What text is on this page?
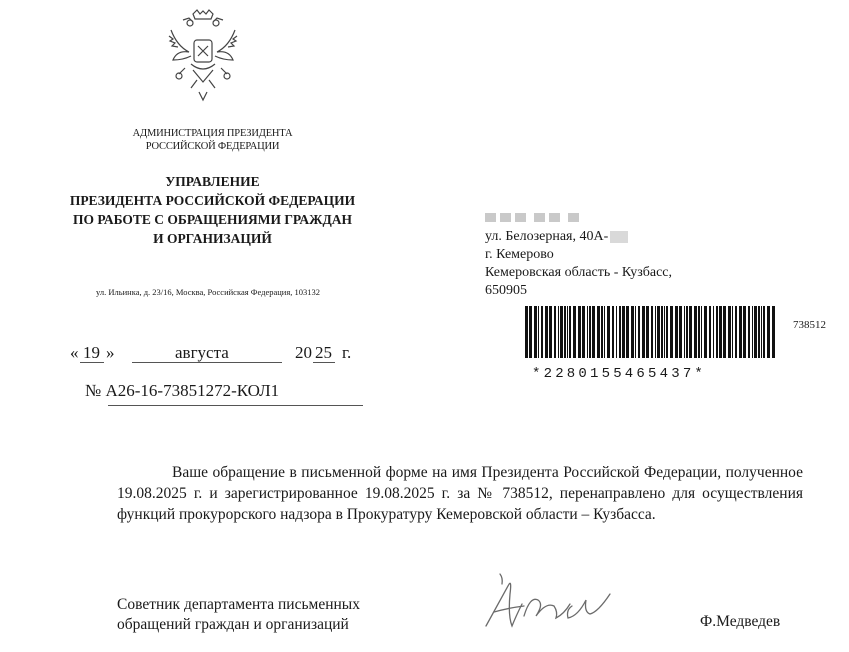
АДМИНИСТРАЦИЯ ПРЕЗИДЕНТА
РОССИЙСКОЙ ФЕДЕРАЦИИ
УПРАВЛЕНИЕ
ПРЕЗИДЕНТА РОССИЙСКОЙ ФЕДЕРАЦИИ
ПО РАБОТЕ С ОБРАЩЕНИЯМИ ГРАЖДАН
И ОРГАНИЗАЦИЙ
ул. Ильинка, д. 23/16, Москва, Российская Федерация, 103132
« 19 »	августа	20 25 г.
№ А26-16-73851272-КОЛ1
ул. Белозерная, 40А-
г. Кемерово
Кемеровская область - Кузбасс,
650905
*2280155465437*
738512

Ваше обращение в письменной форме на имя Президента Российской Федерации, полученное 19.08.2025 г. и зарегистрированное 19.08.2025 г. за № 738512, перенаправлено для осуществления функций прокурорского надзора в Прокуратуру Кемеровской области – Кузбасса.

Советник департамента письменных
обращений граждан и организаций	Ф.Медведев
